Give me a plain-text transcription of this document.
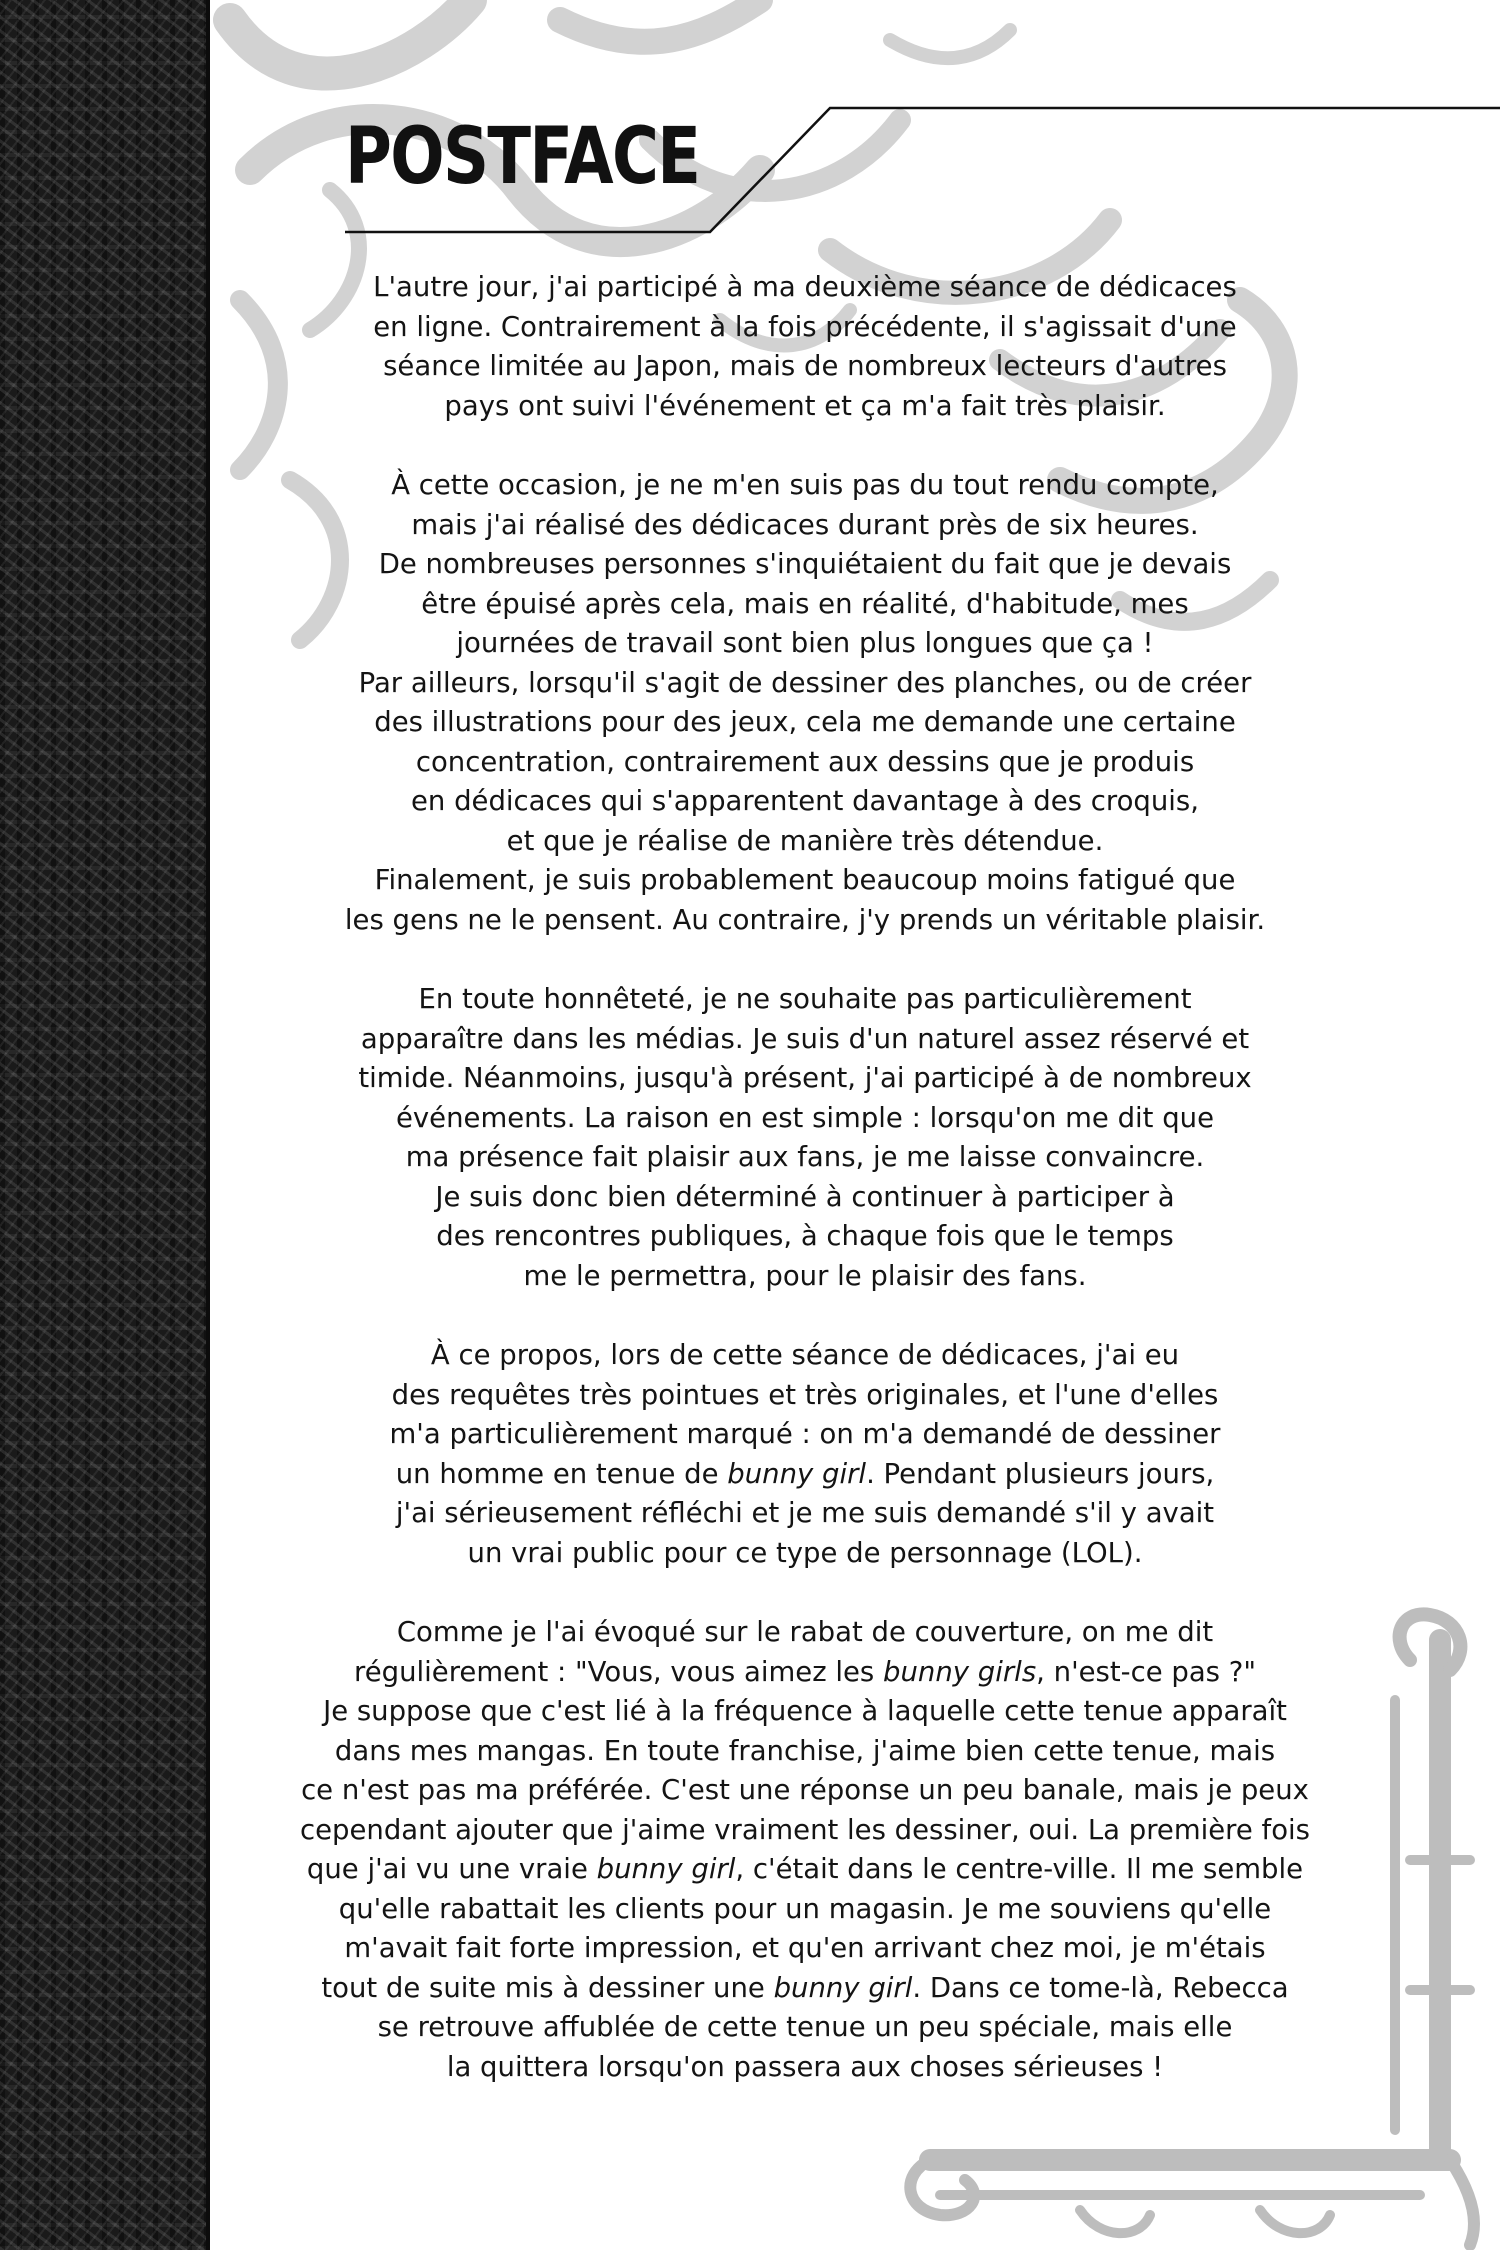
POSTFACE

L'autre jour, j'ai participé à ma deuxième séance de dédicaces
en ligne. Contrairement à la fois précédente, il s'agissait d'une
séance limitée au Japon, mais de nombreux lecteurs d'autres
pays ont suivi l'événement et ça m'a fait très plaisir.

À cette occasion, je ne m'en suis pas du tout rendu compte,
mais j'ai réalisé des dédicaces durant près de six heures.
De nombreuses personnes s'inquiétaient du fait que je devais
être épuisé après cela, mais en réalité, d'habitude, mes
journées de travail sont bien plus longues que ça !
Par ailleurs, lorsqu'il s'agit de dessiner des planches, ou de créer
des illustrations pour des jeux, cela me demande une certaine
concentration, contrairement aux dessins que je produis
en dédicaces qui s'apparentent davantage à des croquis,
et que je réalise de manière très détendue.
Finalement, je suis probablement beaucoup moins fatigué que
les gens ne le pensent. Au contraire, j'y prends un véritable plaisir.

En toute honnêteté, je ne souhaite pas particulièrement
apparaître dans les médias. Je suis d'un naturel assez réservé et
timide. Néanmoins, jusqu'à présent, j'ai participé à de nombreux
événements. La raison en est simple : lorsqu'on me dit que
ma présence fait plaisir aux fans, je me laisse convaincre.
Je suis donc bien déterminé à continuer à participer à
des rencontres publiques, à chaque fois que le temps
me le permettra, pour le plaisir des fans.

À ce propos, lors de cette séance de dédicaces, j'ai eu
des requêtes très pointues et très originales, et l'une d'elles
m'a particulièrement marqué : on m'a demandé de dessiner
un homme en tenue de bunny girl. Pendant plusieurs jours,
j'ai sérieusement réfléchi et je me suis demandé s'il y avait
un vrai public pour ce type de personnage (LOL).

Comme je l'ai évoqué sur le rabat de couverture, on me dit
régulièrement : "Vous, vous aimez les bunny girls, n'est-ce pas ?"
Je suppose que c'est lié à la fréquence à laquelle cette tenue apparaît
dans mes mangas. En toute franchise, j'aime bien cette tenue, mais
ce n'est pas ma préférée. C'est une réponse un peu banale, mais je peux
cependant ajouter que j'aime vraiment les dessiner, oui. La première fois
que j'ai vu une vraie bunny girl, c'était dans le centre-ville. Il me semble
qu'elle rabattait les clients pour un magasin. Je me souviens qu'elle
m'avait fait forte impression, et qu'en arrivant chez moi, je m'étais
tout de suite mis à dessiner une bunny girl. Dans ce tome-là, Rebecca
se retrouve affublée de cette tenue un peu spéciale, mais elle
la quittera lorsqu'on passera aux choses sérieuses !
